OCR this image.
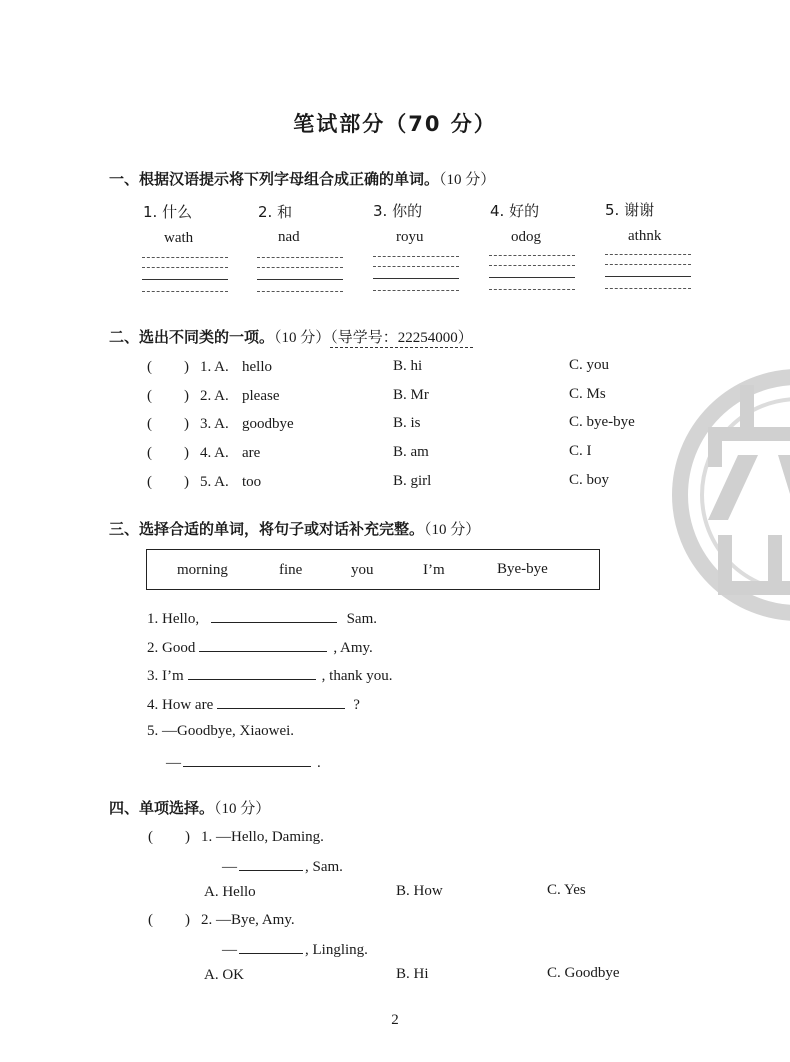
笔试部分（70 分）
一、根据汉语提示将下列字母组合成正确的单词。（10 分）
1. 什么	2. 和	3. 你的	4. 好的	5. 谢谢
wath	nad	royu	odog	athnk
二、选出不同类的一项。（10 分）（导学号：22254000）
( ) 1. A. hello	B. hi	C. you
( ) 2. A. please	B. Mr	C. Ms
( ) 3. A. goodbye	B. is	C. bye-bye
( ) 4. A. are	B. am	C. I
( ) 5. A. too	B. girl	C. boy
三、选择合适的单词，将句子或对话补充完整。（10 分）
morning	fine	you	I’m	Bye-bye
1. Hello,	Sam.
2. Good	, Amy.
3. I’m	, thank you.
4. How are	?
5. —Goodbye, Xiaowei.
—	.
四、单项选择。（10 分）
( ) 1. —Hello, Daming.
—	, Sam.
A. Hello	B. How	C. Yes
( ) 2. —Bye, Amy.
—	, Lingling.
A. OK	B. Hi	C. Goodbye
2
